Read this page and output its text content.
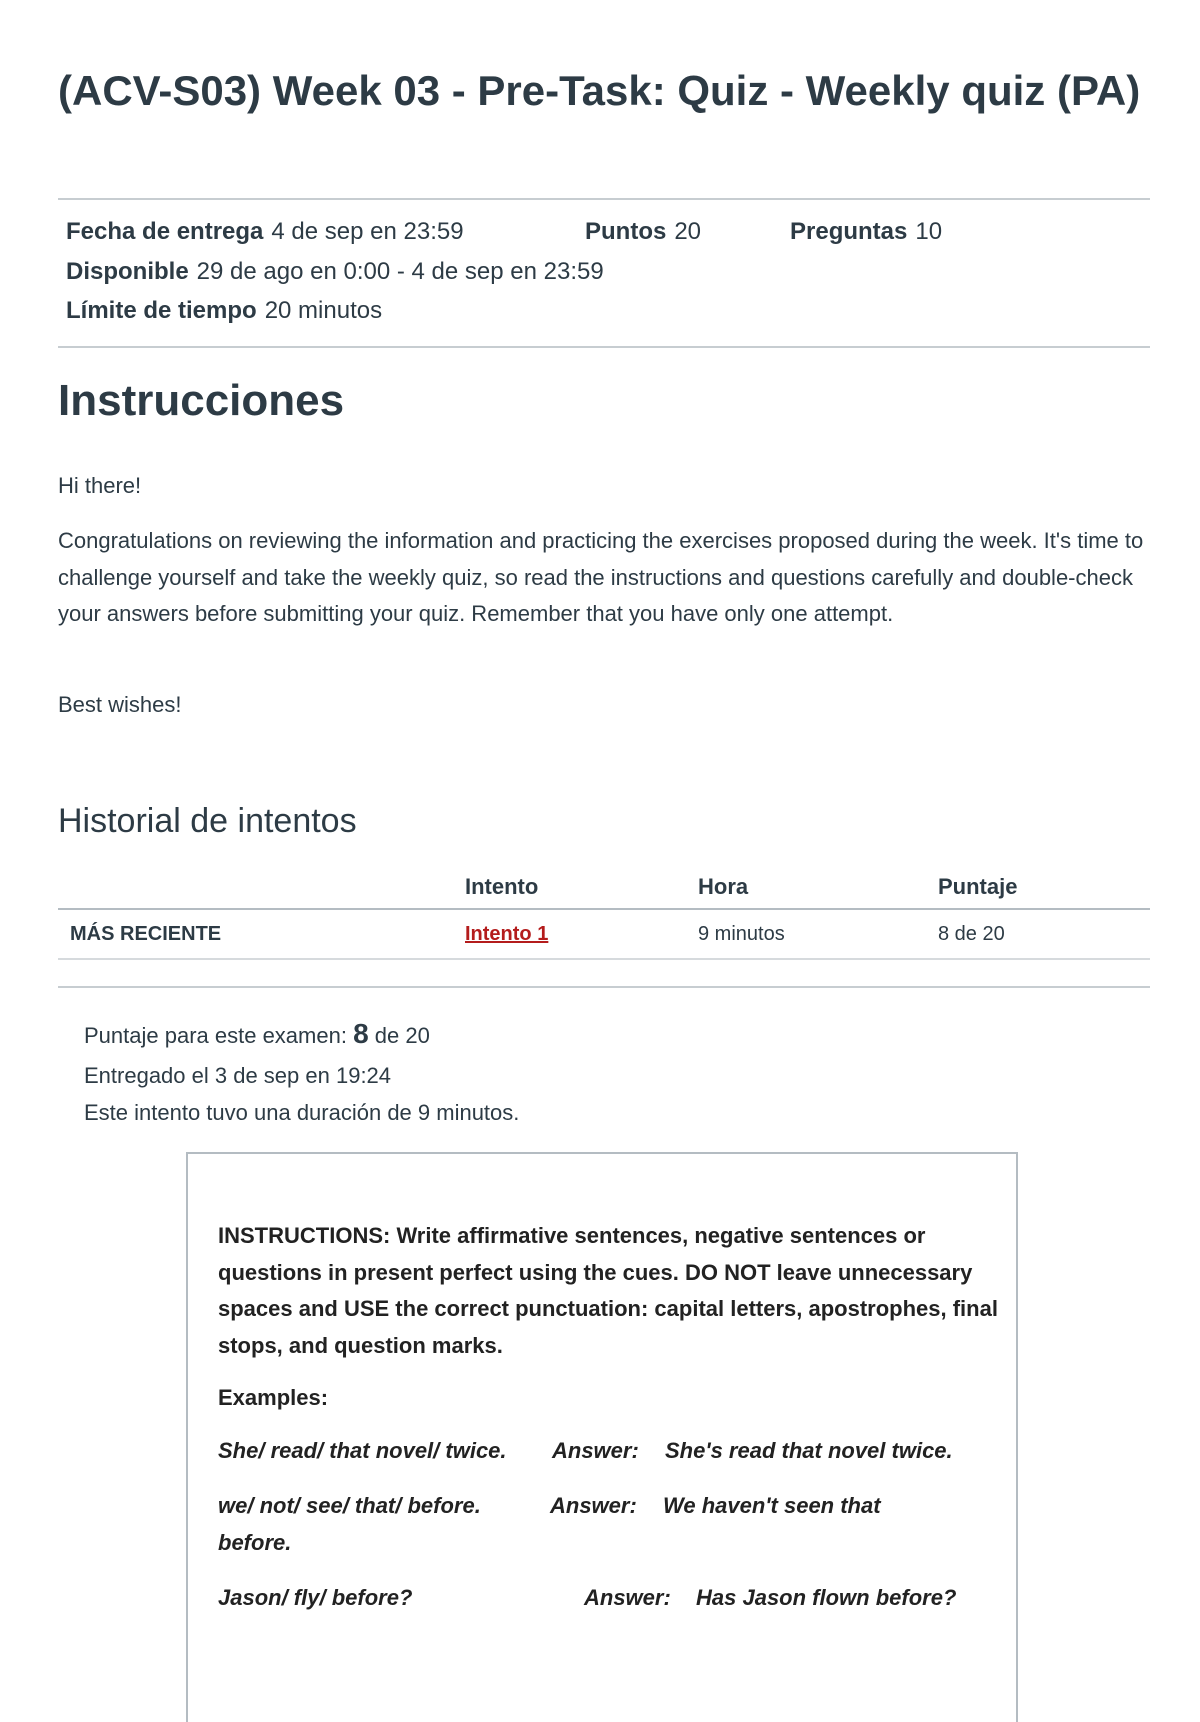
(ACV-S03) Week 03 - Pre-Task: Quiz - Weekly quiz (PA)
Fecha de entrega 4 de sep en 23:59	Puntos 20	Preguntas 10
Disponible 29 de ago en 0:00 - 4 de sep en 23:59
Límite de tiempo 20 minutos
Instrucciones

Hi there!

Congratulations on reviewing the information and practicing the exercises proposed during the week. It's time to challenge yourself and take the weekly quiz, so read the instructions and questions carefully and double-check your answers before submitting your quiz. Remember that you have only one attempt.

Best wishes!

Historial de intentos
	Intento	Hora	Puntaje
MÁS RECIENTE	Intento 1	9 minutos	8 de 20
Puntaje para este examen: 8 de 20
Entregado el 3 de sep en 19:24
Este intento tuvo una duración de 9 minutos.

INSTRUCTIONS: Write affirmative sentences, negative sentences or questions in present perfect using the cues. DO NOT leave unnecessary spaces and USE the correct punctuation: capital letters, apostrophes, final stops, and question marks.

Examples:

She/ read/ that novel/ twice. Answer: She's read that novel twice.
we/ not/ see/ that/ before.	Answer: We haven't seen that
before.
Jason/ fly/ before?	Answer: Has Jason flown before?
